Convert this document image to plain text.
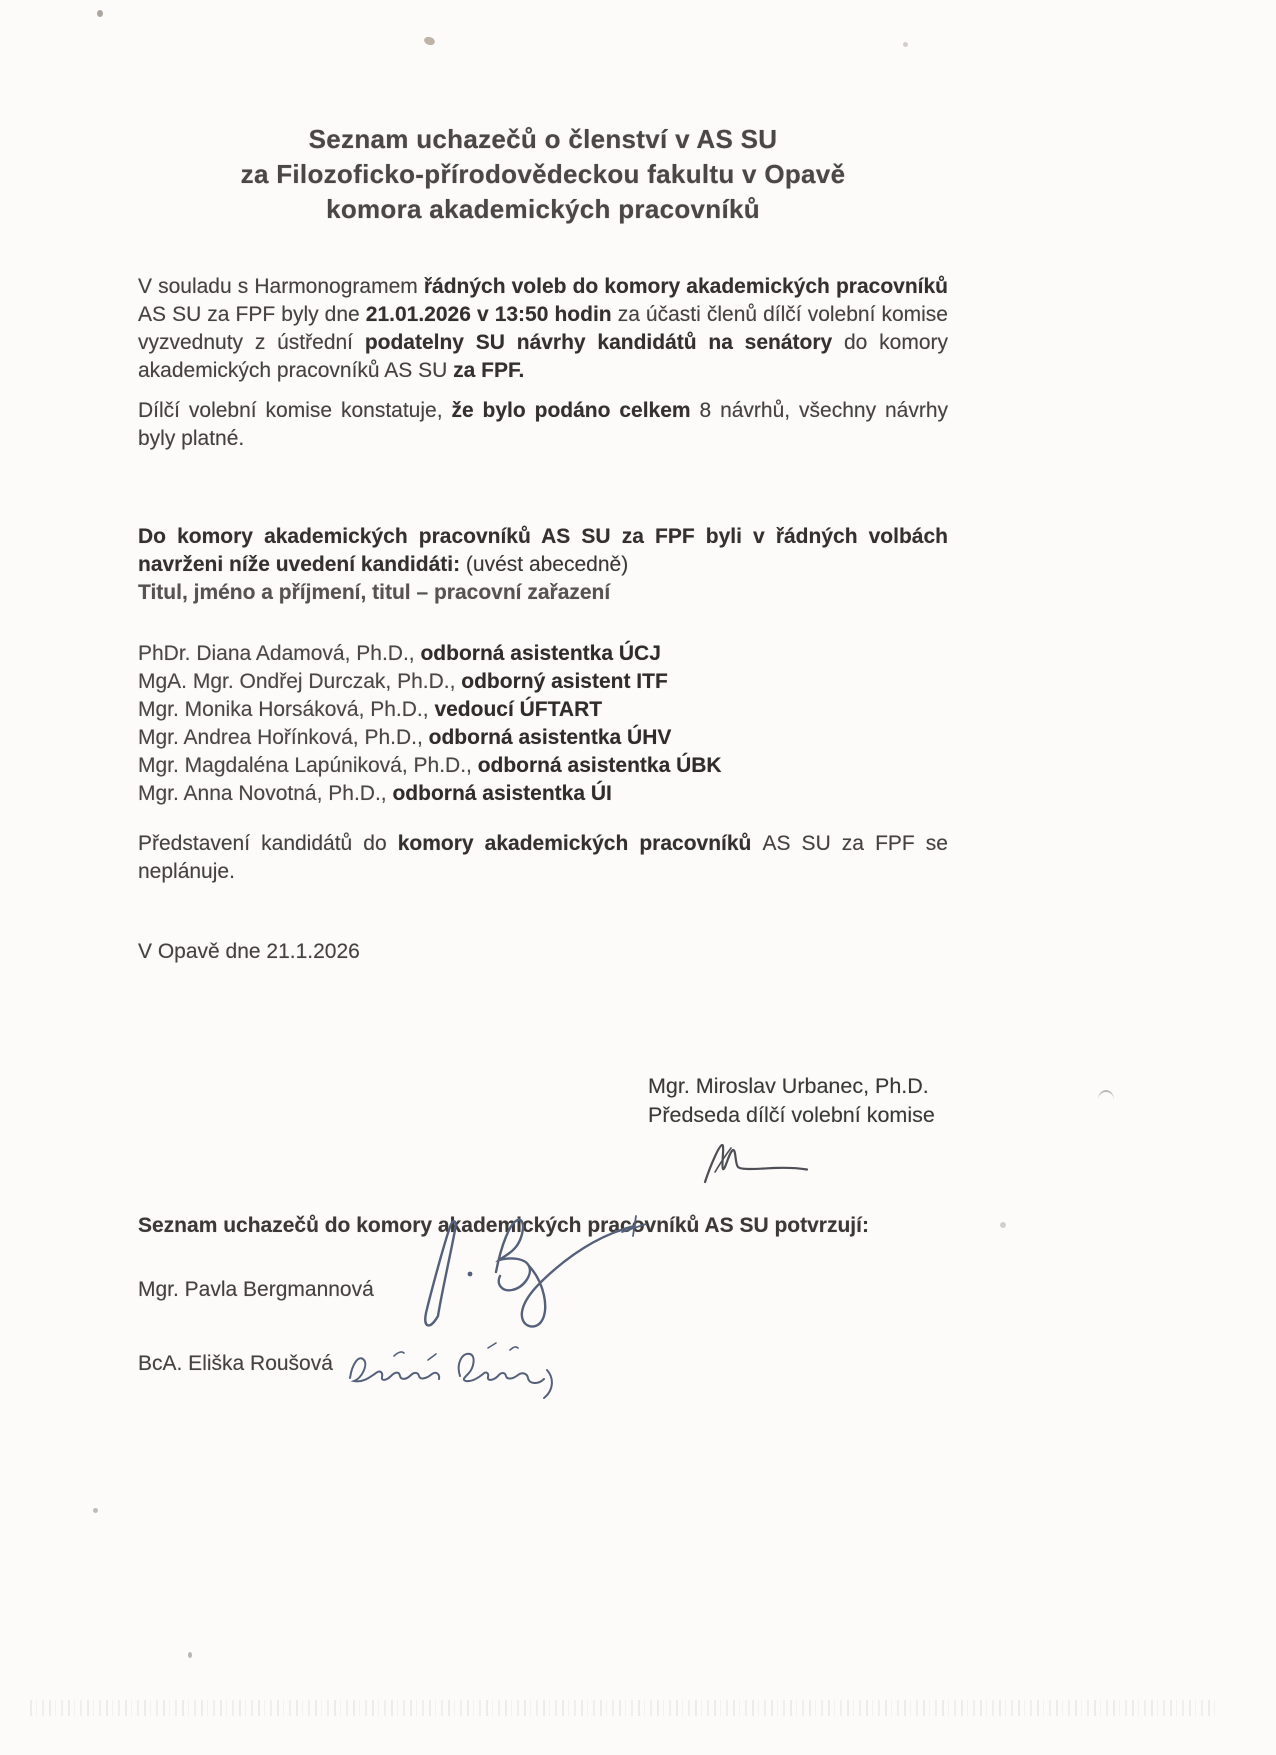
Seznam uchazečů o členství v AS SU
za Filozoficko-přírodovědeckou fakultu v Opavě
komora akademických pracovníků
V souladu s Harmonogramem řádných voleb do komory akademických pracovníků AS SU za FPF byly dne 21.01.2026 v 13:50 hodin za účasti členů dílčí volební komise vyzvednuty z ústřední podatelny SU návrhy kandidátů na senátory do komory akademických pracovníků AS SU za FPF.
Dílčí volební komise konstatuje, že bylo podáno celkem 8 návrhů, všechny návrhy byly platné.
Do komory akademických pracovníků AS SU za FPF byli v řádných volbách navrženi níže uvedení kandidáti: (uvést abecedně)
Titul, jméno a příjmení, titul – pracovní zařazení
PhDr. Diana Adamová, Ph.D., odborná asistentka ÚCJ
MgA. Mgr. Ondřej Durczak, Ph.D., odborný asistent ITF
Mgr. Monika Horsáková, Ph.D., vedoucí ÚFTART
Mgr. Andrea Hořínková, Ph.D., odborná asistentka ÚHV
Mgr. Magdaléna Lapúniková, Ph.D., odborná asistentka ÚBK
Mgr. Anna Novotná, Ph.D., odborná asistentka ÚI
Představení kandidátů do komory akademických pracovníků AS SU za FPF se neplánuje.
V Opavě dne 21.1.2026
Mgr. Miroslav Urbanec, Ph.D.
Předseda dílčí volební komise
Seznam uchazečů do komory akademických pracovníků AS SU potvrzují:
Mgr. Pavla Bergmannová
BcA. Eliška Roušová
